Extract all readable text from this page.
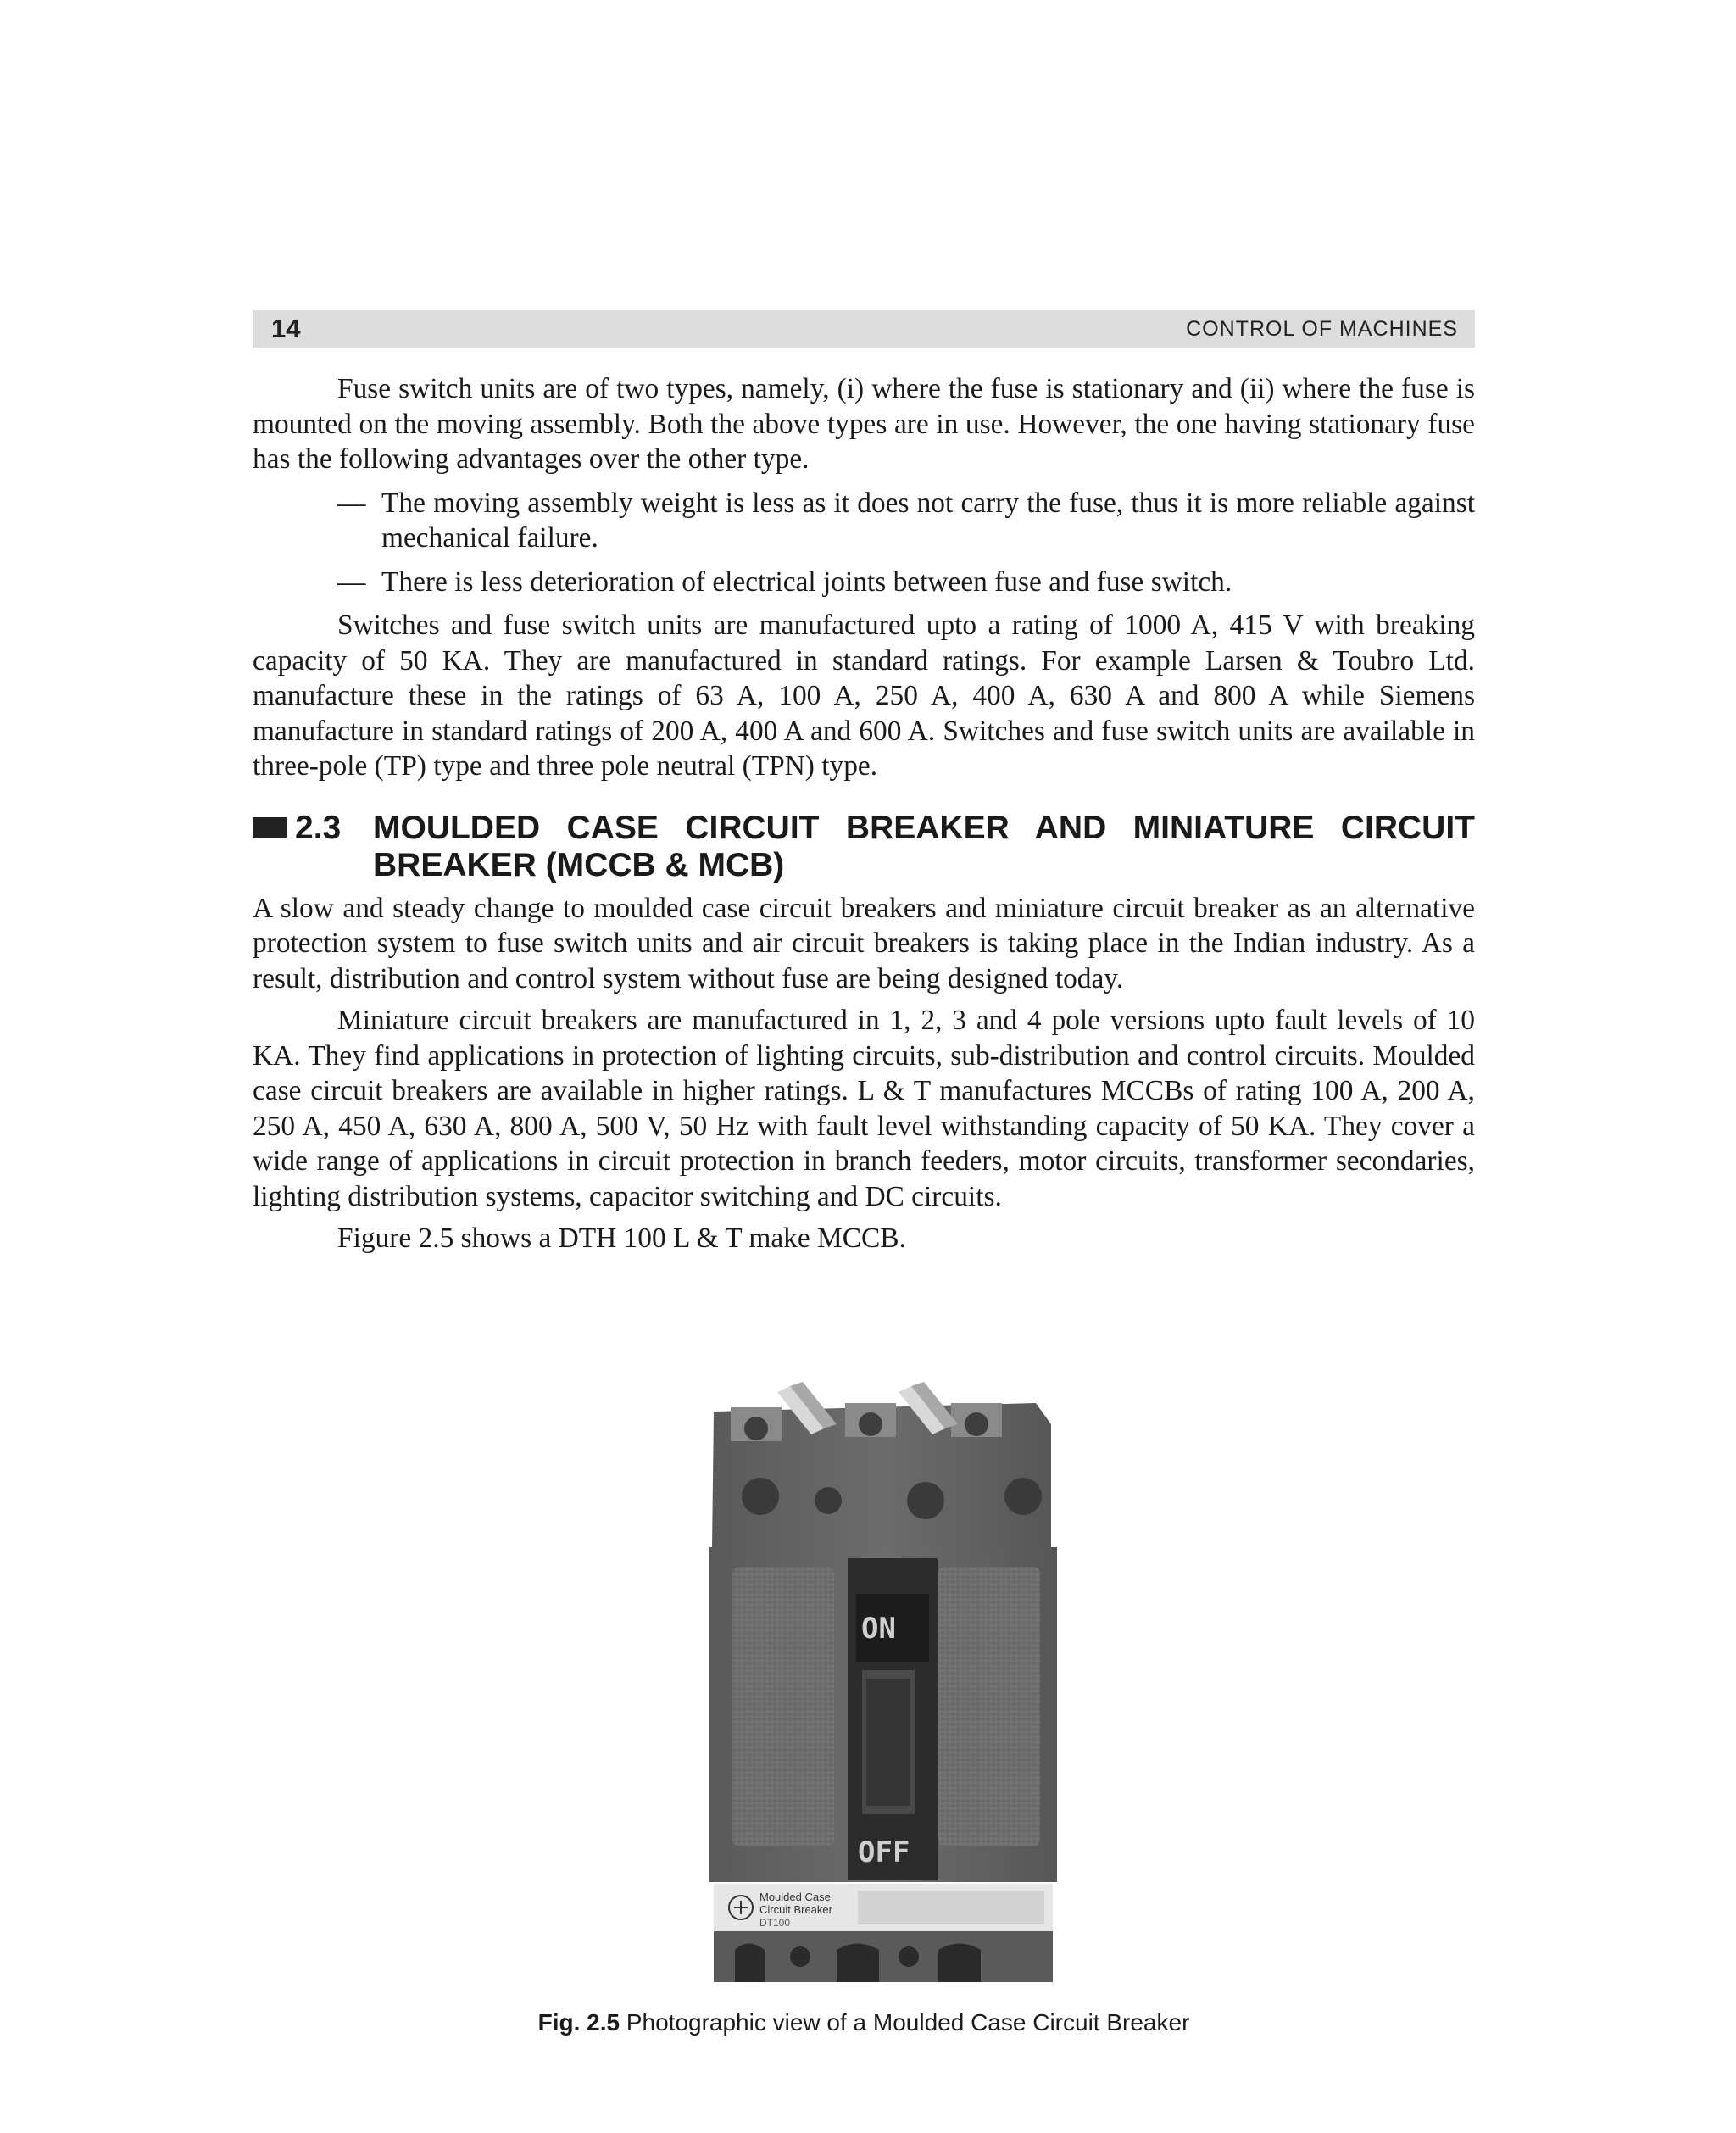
14	CONTROL OF MACHINES

Fuse switch units are of two types, namely, (i) where the fuse is stationary and (ii) where the fuse is mounted on the moving assembly. Both the above types are in use. However, the one having stationary fuse has the following advantages over the other type.

— The moving assembly weight is less as it does not carry the fuse, thus it is more reliable against mechanical failure.
— There is less deterioration of electrical joints between fuse and fuse switch.

Switches and fuse switch units are manufactured upto a rating of 1000 A, 415 V with breaking capacity of 50 KA. They are manufactured in standard ratings. For example Larsen & Toubro Ltd. manufacture these in the ratings of 63 A, 100 A, 250 A, 400 A, 630 A and 800 A while Siemens manufacture in standard ratings of 200 A, 400 A and 600 A. Switches and fuse switch units are available in three-pole (TP) type and three pole neutral (TPN) type.

2.3 MOULDED CASE CIRCUIT BREAKER AND MINIATURE CIRCUIT BREAKER (MCCB & MCB)

A slow and steady change to moulded case circuit breakers and miniature circuit breaker as an alternative protection system to fuse switch units and air circuit breakers is taking place in the Indian industry. As a result, distribution and control system without fuse are being designed today.

Miniature circuit breakers are manufactured in 1, 2, 3 and 4 pole versions upto fault levels of 10 KA. They find applications in protection of lighting circuits, sub-distribution and control circuits. Moulded case circuit breakers are available in higher ratings. L & T manufactures MCCBs of rating 100 A, 200 A, 250 A, 450 A, 630 A, 800 A, 500 V, 50 Hz with fault level withstanding capacity of 50 KA. They cover a wide range of applications in circuit protection in branch feeders, motor circuits, transformer secondaries, lighting distribution systems, capacitor switching and DC circuits.

Figure 2.5 shows a DTH 100 L & T make MCCB.

ON
OFF
Moulded Case
Circuit Breaker
DT100
Fig. 2.5 Photographic view of a Moulded Case Circuit Breaker
